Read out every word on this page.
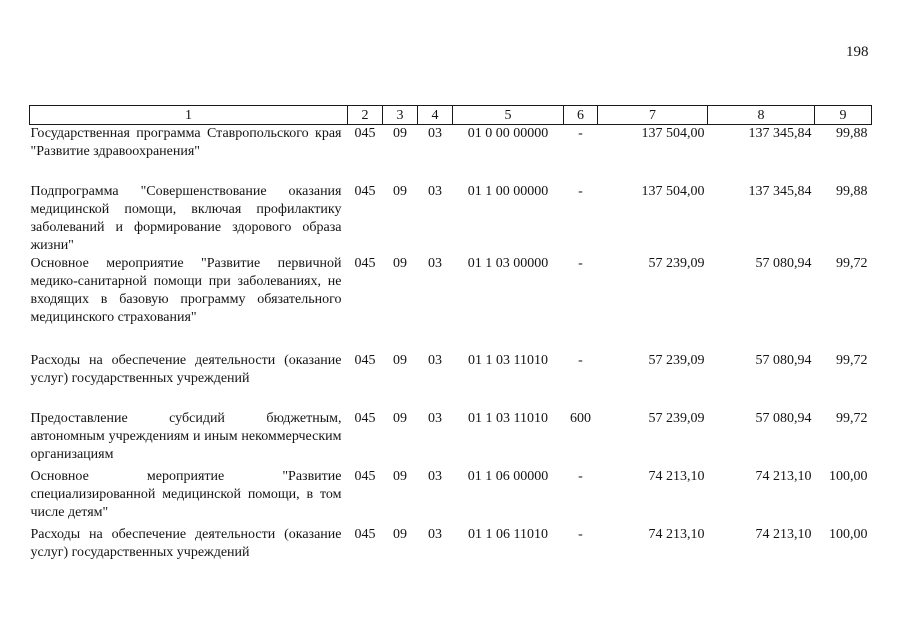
198
1	2	3	4	5	6	7	8	9
Государственная программа Ставропольского края "Развитие здравоохранения"	045	09	03	01 0 00 00000	-	137 504,00	137 345,84	99,88
Подпрограмма "Совершенствование оказания медицинской помощи, включая профилактику заболеваний и формирование здорового образа жизни"	045	09	03	01 1 00 00000	-	137 504,00	137 345,84	99,88
Основное мероприятие "Развитие первичной медико-санитарной помощи при заболеваниях, не входящих в базовую программу обязательного медицинского страхования"	045	09	03	01 1 03 00000	-	57 239,09	57 080,94	99,72
Расходы на обеспечение деятельности (оказание услуг) государственных учреждений	045	09	03	01 1 03 11010	-	57 239,09	57 080,94	99,72
Предоставление субсидий бюджетным, автономным учреждениям и иным некоммерческим организациям	045	09	03	01 1 03 11010	600	57 239,09	57 080,94	99,72
Основное мероприятие "Развитие специализированной медицинской помощи, в том числе детям"	045	09	03	01 1 06 00000	-	74 213,10	74 213,10	100,00
Расходы на обеспечение деятельности (оказание услуг) государственных учреждений	045	09	03	01 1 06 11010	-	74 213,10	74 213,10	100,00
